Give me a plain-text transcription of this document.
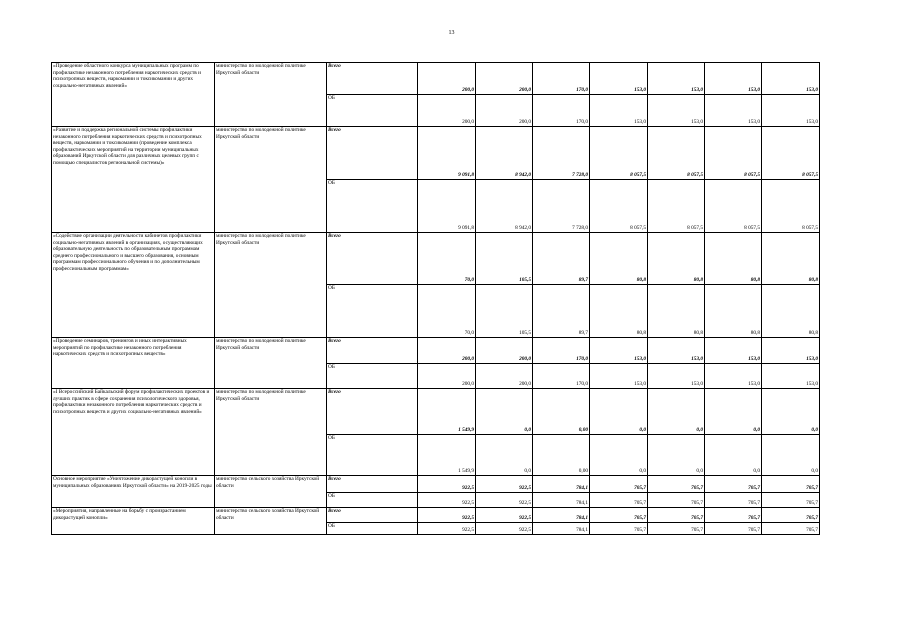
13
«Проведение областного конкурса муниципальных программ по профилактике незаконного потребления наркотических средств и психотропных веществ, наркомании и токсикомании и других социально-негативных явлений»	министерство по молодежной политике Иркутской области	Всего	200,0	200,0	170,0	153,0	153,0	153,0	153,0
		ОБ	200,0	200,0	170,0	153,0	153,0	153,0	153,0
«Развитие и поддержка региональной системы профилактики незаконного потребления наркотических средств и психотропных веществ, наркомании и токсикомании (проведение комплекса профилактических мероприятий на территории муниципальных образований Иркутской области для различных целевых групп с помощью специалистов региональной системы)»	министерство по молодежной политике Иркутской области	Всего	9 091,8	8 942,0	7 728,0	8 057,5	8 057,5	8 057,5	8 057,5
		ОБ	9 091,8	8 942,0	7 728,0	8 057,5	8 057,5	8 057,5	8 057,5
«Содействие организации деятельности кабинетов профилактики социально-негативных явлений в организациях, осуществляющих образовательную деятельность по образовательным программам среднего профессионального и высшего образования, основным программам профессионального обучения и по дополнительным профессиональным программам»	министерство по молодежной политике Иркутской области	Всего	70,0	105,5	89,7	80,8	80,8	80,8	80,8
		ОБ	70,0	105,5	89,7	80,8	80,8	80,8	80,8
«Проведение семинаров, тренингов и иных интерактивных мероприятий по профилактике незаконного потребления наркотических средств и психотропных веществ»	министерство по молодежной политике Иркутской области	Всего	200,0	200,0	170,0	153,0	153,0	153,0	153,0
		ОБ	200,0	200,0	170,0	153,0	153,0	153,0	153,0
«I Всероссийский Байкальский форум профилактических проектов и лучших практик в сфере сохранения психологического здоровья, профилактики незаконного потребления наркотических средств и психотропных веществ и других социально-негативных явлений»	министерство по молодежной политике Иркутской области	Всего	1 549,9	0,0	0,00	0,0	0,0	0,0	0,0
		ОБ	1 549,9	0,0	0,00	0,0	0,0	0,0	0,0
Основное мероприятие «Уничтожение дикорастущей конопли в муниципальных образованиях Иркутской области» на 2019-2025 годы	министерство сельского хозяйства Иркутской области	Всего	922,5	922,5	784,1	705,7	705,7	705,7	705,7
		ОБ	922,5	922,5	784,1	705,7	705,7	705,7	705,7
«Мероприятия, направленные на борьбу с произрастанием дикорастущей конопли»	министерство сельского хозяйства Иркутской области	Всего	922,5	922,5	784,1	705,7	705,7	705,7	705,7
		ОБ	922,5	922,5	784,1	705,7	705,7	705,7	705,7
